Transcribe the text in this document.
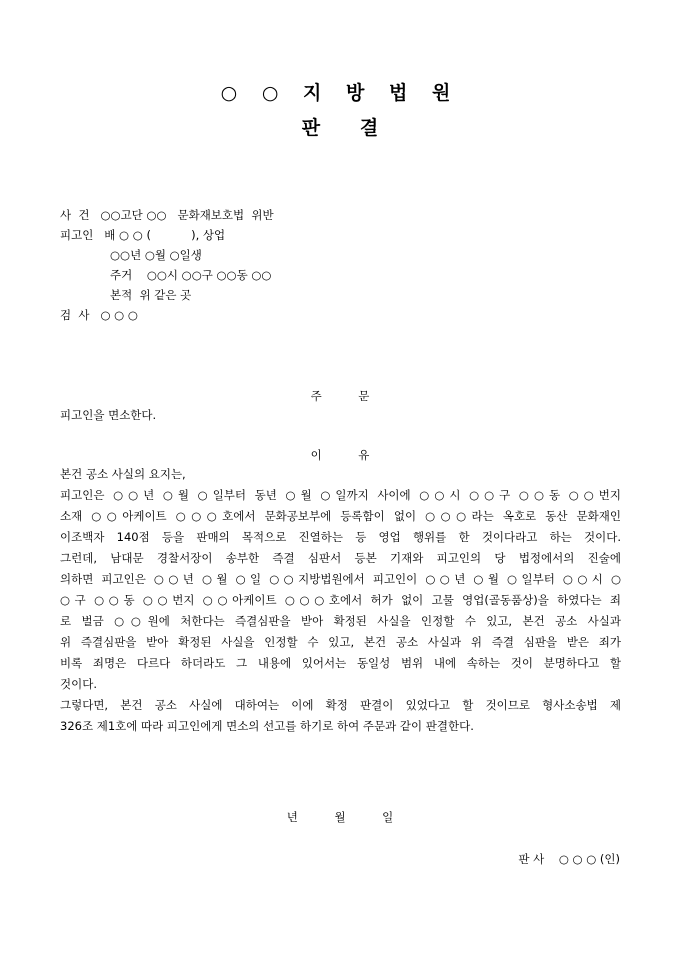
○ ○ 지 방 법 원
판      결
사  건   ○○고단 ○○   문화재보호법  위반
피고인   배 ○ ○ (           ), 상업
○○년 ○월 ○일생
주거    ○○시 ○○구 ○○동 ○○
본적  위 같은 곳
검  사   ○ ○ ○
주          문
피고인을 면소한다.
이          유
본건 공소 사실의 요지는,
피고인은 ○○년 ○월 ○일부터 동년 ○월 ○일까지 사이에 ○○시 ○○구 ○○동 ○○번지
소재 ○○아케이트 ○○○호에서 문화공보부에 등록함이 없이 ○○○라는 옥호로 동산 문화재인
이조백자 140점 등을 판매의 목적으로 진열하는 등 영업 행위를 한 것이다라고 하는 것이다.
그런데, 남대문 경찰서장이 송부한 즉결 심판서 등본 기재와 피고인의 당 법정에서의 진술에
의하면 피고인은 ○○년 ○월 ○일 ○○지방법원에서 피고인이 ○○년 ○월 ○일부터 ○○시 ○
○구 ○○동 ○○번지 ○○아케이트 ○○○호에서 허가 없이 고물 영업(골동품상)을 하였다는 죄
로 벌금 ○○원에 처한다는 즉결심판을 받아 확정된 사실을 인정할 수 있고, 본건 공소 사실과
위 즉결심판을 받아 확정된 사실을 인정할 수 있고, 본건 공소 사실과 위 즉결 심판을 받은 죄가
비록 죄명은 다르다 하더라도 그 내용에 있어서는 동일성 범위 내에 속하는 것이 분명하다고 할
것이다.
그렇다면, 본건 공소 사실에 대하여는 이에 확정 판결이 있었다고 할 것이므로 형사소송법 제
326조 제1호에 따라 피고인에게 면소의 선고를 하기로 하여 주문과 같이 판결한다.
년          월          일
판 사    ○ ○ ○ (인)
